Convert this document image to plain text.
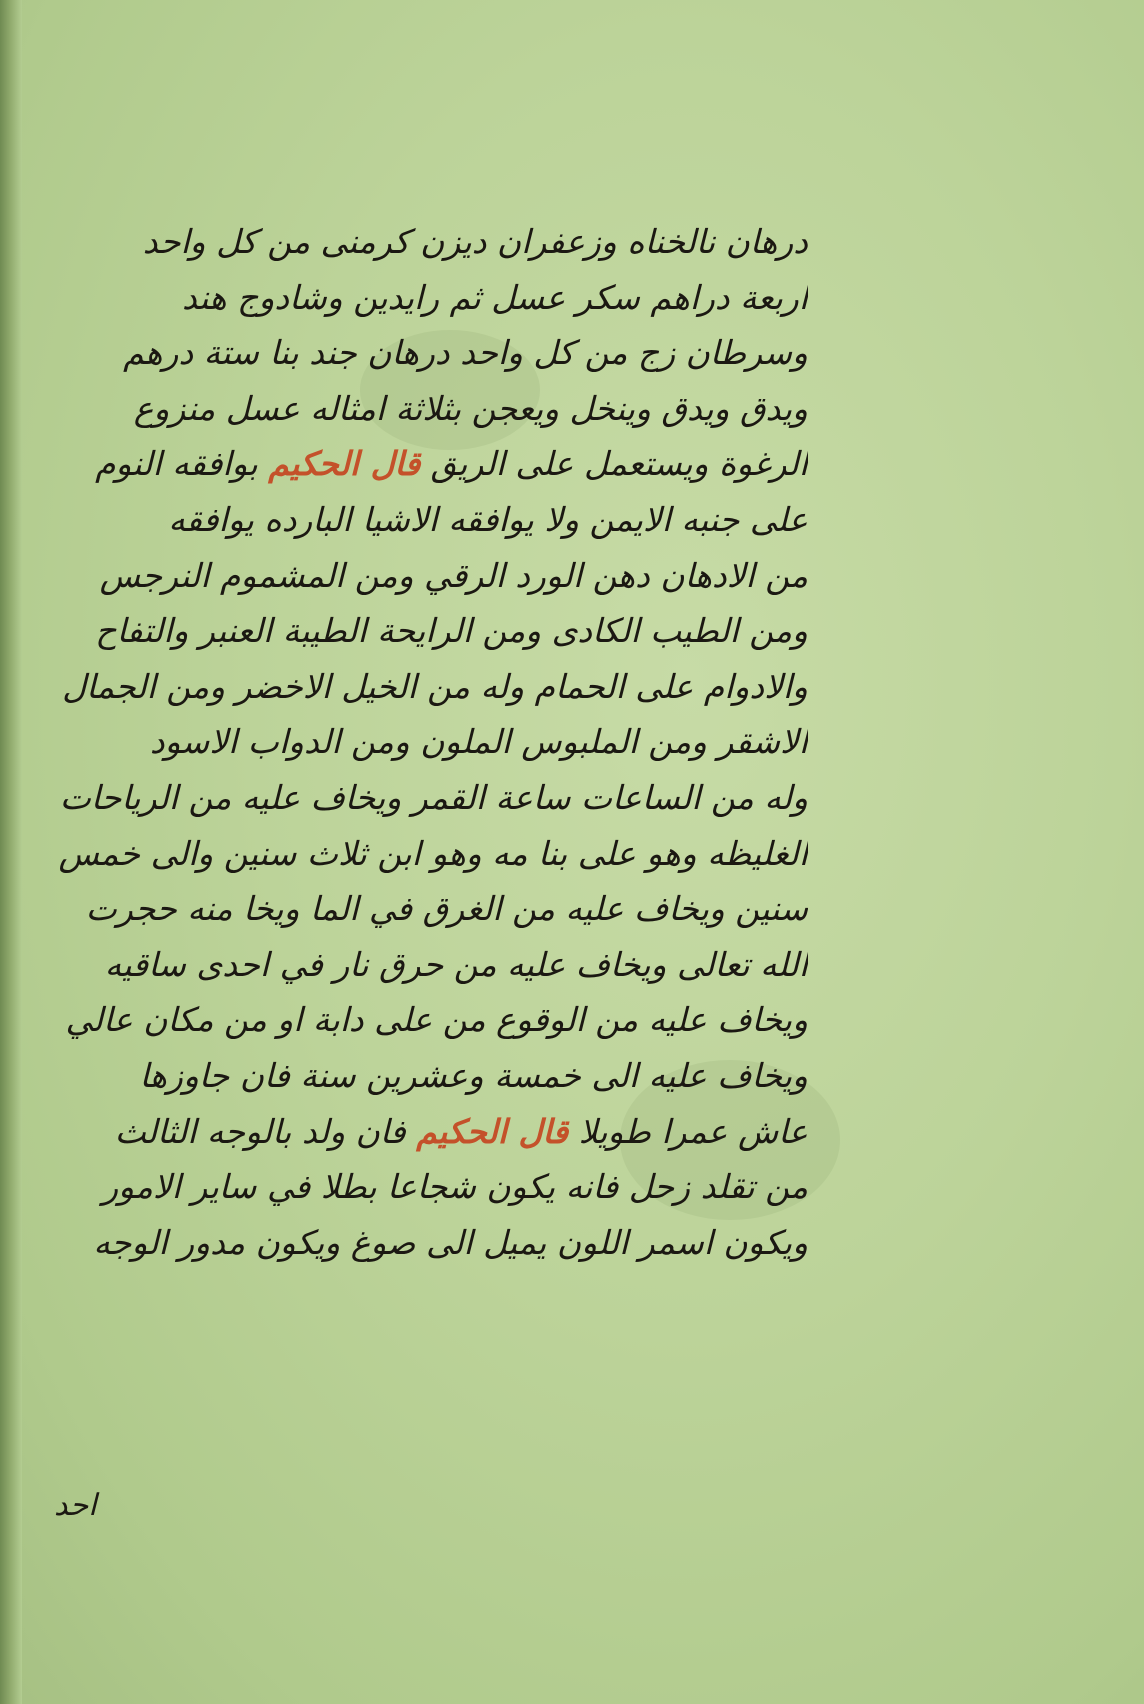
درهان نالخناه وزعفران ديزن كرمنى من كل واحد
اربعة دراهم سكر عسل ثم رايدين وشادوج هند
وسرطان زج من كل واحد درهان جند بنا ستة درهم
ويدق ويدق وينخل ويعجن بثلاثة امثاله عسل منزوع
الرغوة ويستعمل على الريق قال الحكيم بوافقه النوم
على جنبه الايمن ولا يوافقه الاشيا البارده يوافقه
من الادهان دهن الورد الرقي ومن المشموم النرجس
ومن الطيب الكادى ومن الرايحة الطيبة العنبر والتفاح
والادوام على الحمام وله من الخيل الاخضر ومن الجمال
الاشقر ومن الملبوس الملون ومن الدواب الاسود
وله من الساعات ساعة القمر ويخاف عليه من الرياحات
الغليظه وهو على بنا مه وهو ابن ثلاث سنين والى خمس
سنين ويخاف عليه من الغرق في الما ويخا منه حجرت
الله تعالى ويخاف عليه من حرق نار في احدى ساقيه
ويخاف عليه من الوقوع من على دابة او من مكان عالي
ويخاف عليه الى خمسة وعشرين سنة فان جاوزها
عاش عمرا طويلا قال الحكيم فان ولد بالوجه الثالث
من تقلد زحل فانه يكون شجاعا بطلا في ساير الامور
ويكون اسمر اللون يميل الى صوغ ويكون مدور الوجه
احد
